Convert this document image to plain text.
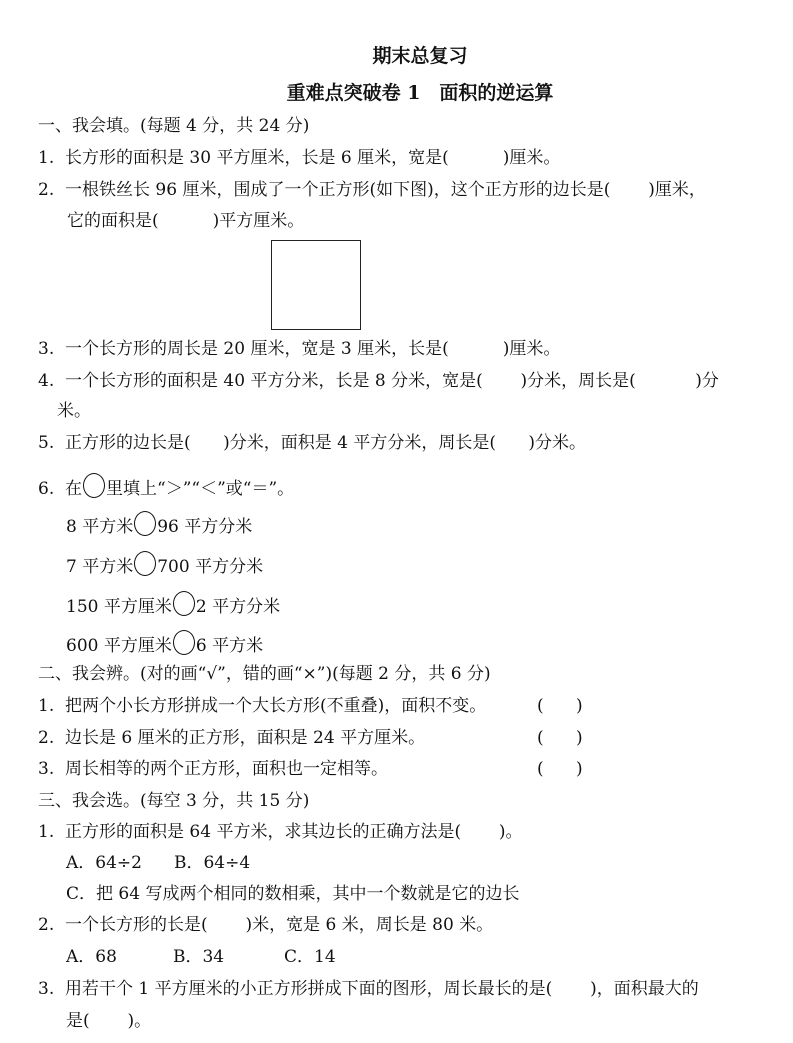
期末总复习
重难点突破卷 1　面积的逆运算
一、我会填。(每题 4 分，共 24 分)
1.  长方形的面积是 30 平方厘米，长是 6 厘米，宽是(          )厘米。
2.  一根铁丝长 96 厘米，围成了一个正方形(如下图)，这个正方形的边长是(       )厘米，
它的面积是(          )平方厘米。
3.  一个长方形的周长是 20 厘米，宽是 3 厘米，长是(          )厘米。
4.  一个长方形的面积是 40 平方分米，长是 8 分米，宽是(       )分米，周长是(           )分
米。
5.  正方形的边长是(      )分米，面积是 4 平方分米，周长是(      )分米。
6.  在 里填上“＞”“＜”或“＝”。
8 平方米 96 平方分米
7 平方米 700 平方分米
150 平方厘米 2 平方分米
600 平方厘米 6 平方米
二、我会辨。(对的画“√”，错的画“×”)(每题 2 分，共 6 分)
1.  把两个小长方形拼成一个大长方形(不重叠)，面积不变。	(      )
2.  边长是 6 厘米的正方形，面积是 24 平方厘米。	(      )
3.  周长相等的两个正方形，面积也一定相等。	(      )
三、我会选。(每空 3 分，共 15 分)
1.  正方形的面积是 64 平方米，求其边长的正确方法是(       )。
A．64÷2 B．64÷4
C．把 64 写成两个相同的数相乘，其中一个数就是它的边长
2.  一个长方形的长是(       )米，宽是 6 米，周长是 80 米。
A．68	B．34	C．14
3.  用若干个 1 平方厘米的小正方形拼成下面的图形，周长最长的是(       )，面积最大的
是(       )。
